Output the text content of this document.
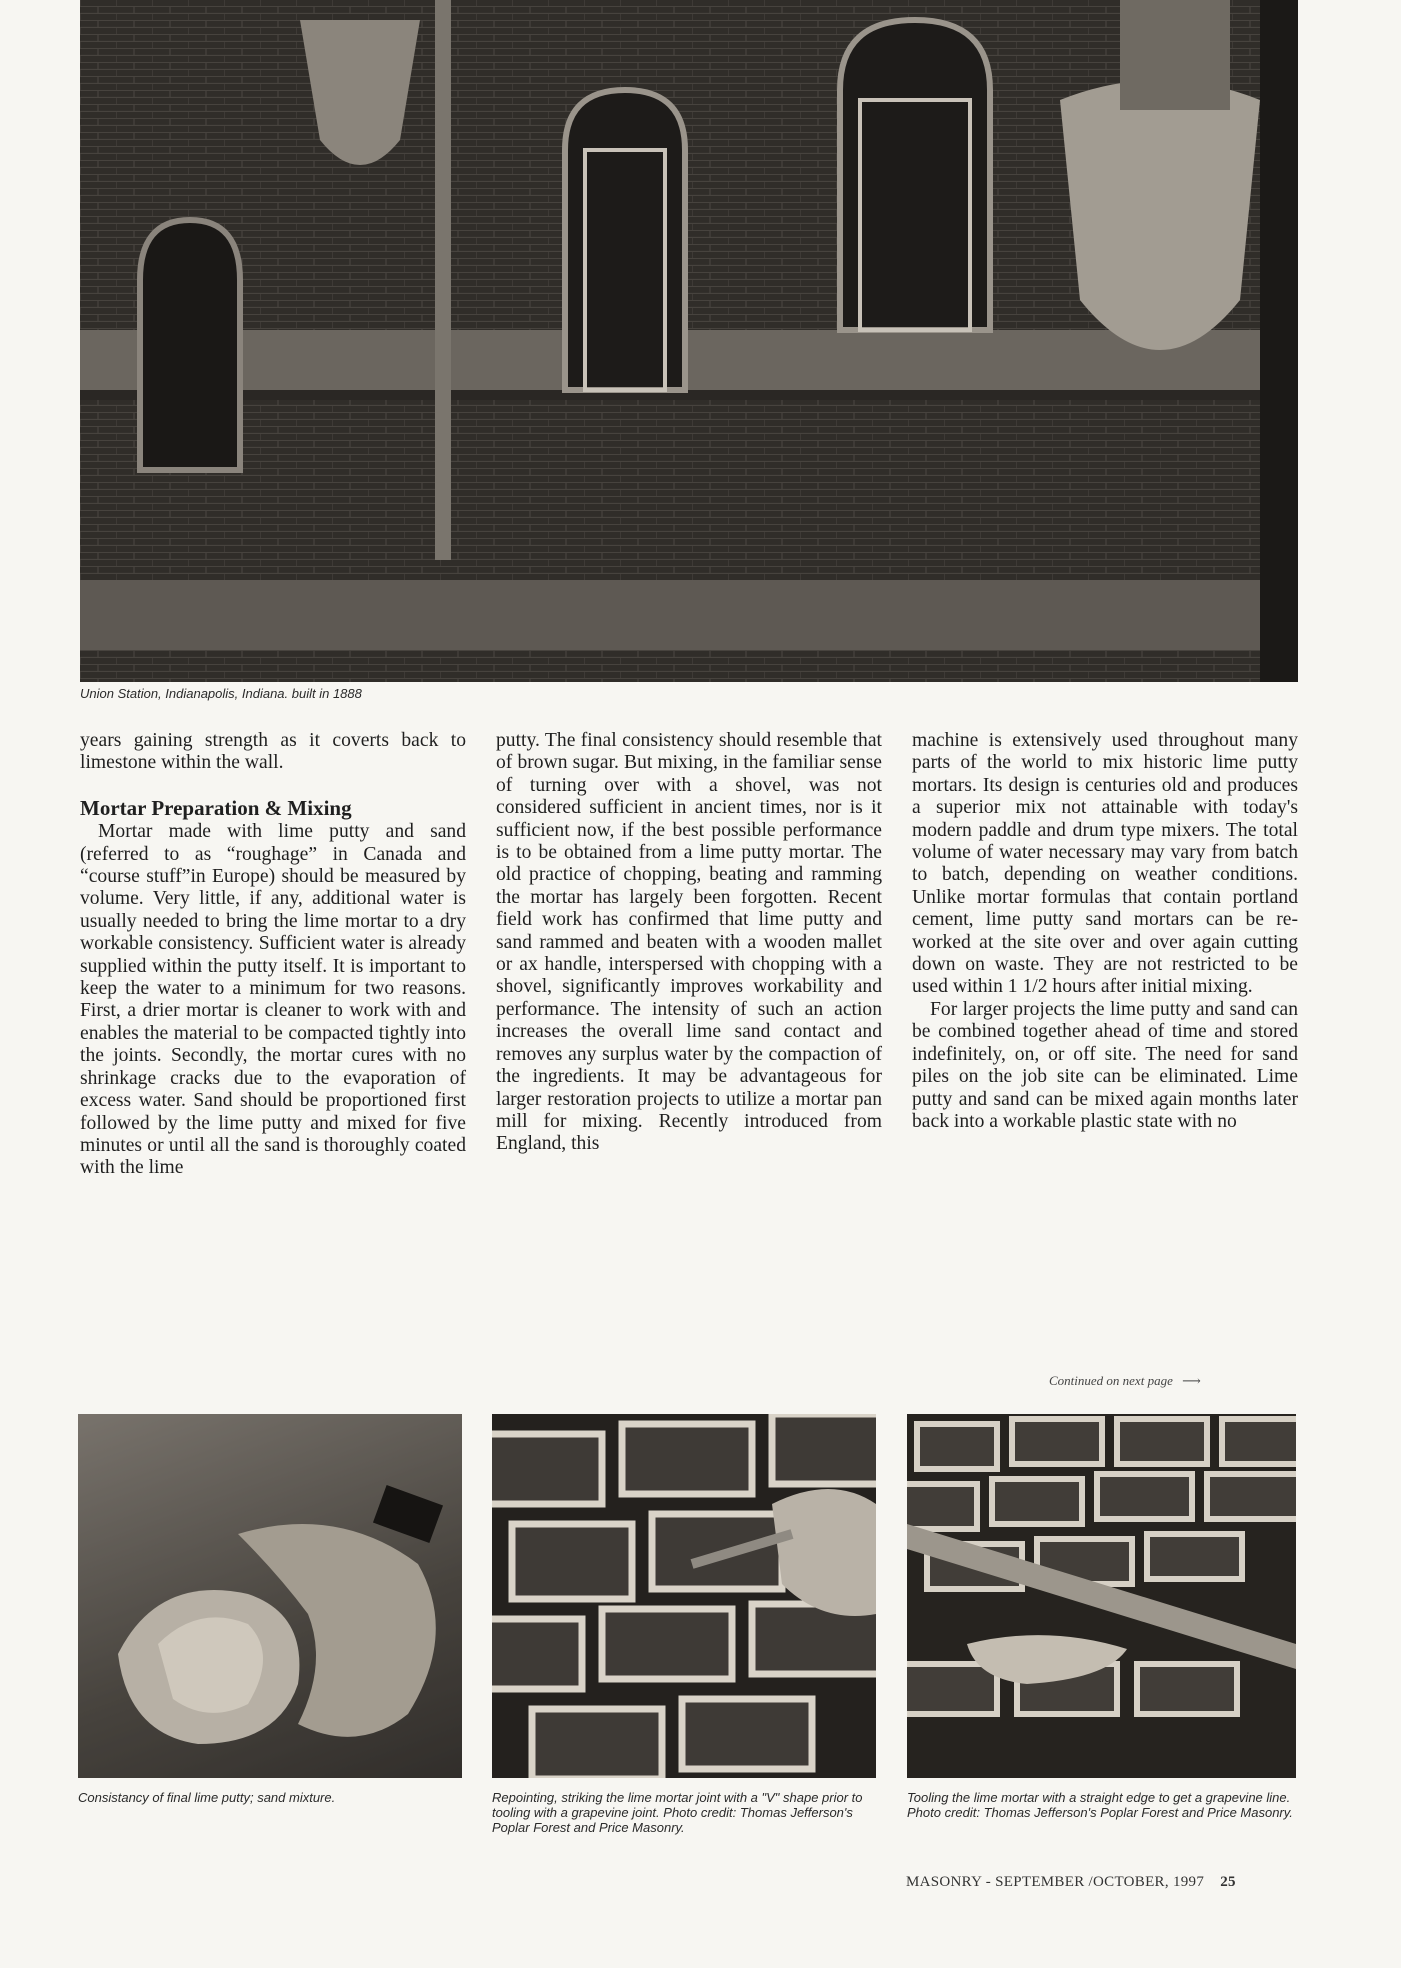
Union Station, Indianapolis, Indiana. built in 1888

years gaining strength as it coverts back to limestone within the wall.

Mortar Preparation & Mixing

Mortar made with lime putty and sand (referred to as “roughage” in Canada and “course stuff”in Europe) should be measured by volume. Very little, if any, additional water is usually needed to bring the lime mortar to a dry workable consistency. Sufficient water is already supplied within the putty itself. It is important to keep the water to a minimum for two reasons. First, a drier mortar is cleaner to work with and enables the material to be compacted tightly into the joints. Secondly, the mortar cures with no shrinkage cracks due to the evaporation of excess water. Sand should be proportioned first followed by the lime putty and mixed for five minutes or until all the sand is thoroughly coated with the lime

putty. The final consistency should resemble that of brown sugar. But mixing, in the familiar sense of turning over with a shovel, was not considered sufficient in ancient times, nor is it sufficient now, if the best possible performance is to be obtained from a lime putty mortar. The old practice of chopping, beating and ramming the mortar has largely been forgotten. Recent field work has confirmed that lime putty and sand rammed and beaten with a wooden mallet or ax handle, interspersed with chopping with a shovel, significantly improves workability and performance. The intensity of such an action increases the overall lime sand contact and removes any surplus water by the compaction of the ingredients. It may be advantageous for larger restoration projects to utilize a mortar pan mill for mixing. Recently introduced from England, this

machine is extensively used throughout many parts of the world to mix historic lime putty mortars. Its design is centuries old and produces a superior mix not attainable with today's modern paddle and drum type mixers. The total volume of water necessary may vary from batch to batch, depending on weather conditions. Unlike mortar formulas that contain portland cement, lime putty sand mortars can be re-worked at the site over and over again cutting down on waste. They are not restricted to be used within 1 1/2 hours after initial mixing.

For larger projects the lime putty and sand can be combined together ahead of time and stored indefinitely, on, or off site. The need for sand piles on the job site can be eliminated. Lime putty and sand can be mixed again months later back into a workable plastic state with no

Continued on next page ⟶
Consistancy of final lime putty; sand mixture.	Repointing, striking the lime mortar joint with a "V" shape prior to tooling with a grapevine joint. Photo credit: Thomas Jefferson's Poplar Forest and Price Masonry.
Tooling the lime mortar with a straight edge to get a grapevine line. Photo credit: Thomas Jefferson's Poplar Forest and Price Masonry.
MASONRY - SEPTEMBER /OCTOBER, 1997 25
